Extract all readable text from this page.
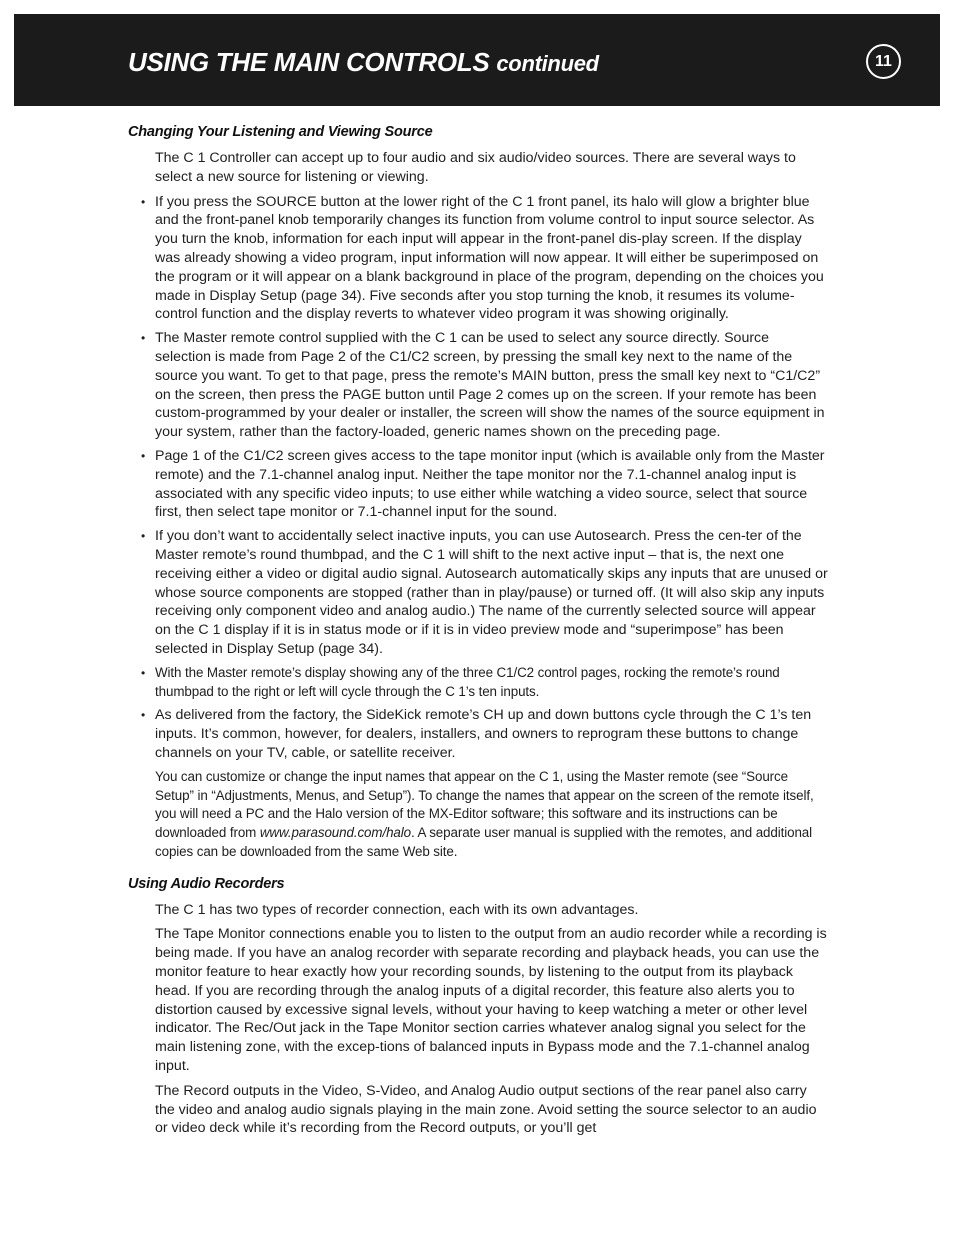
USING THE MAIN CONTROLS continued	11
Changing Your Listening and Viewing Source

The C 1 Controller can accept up to four audio and six audio/video sources. There are several ways to select a new source for listening or viewing.

• If you press the SOURCE button at the lower right of the C 1 front panel, its halo will glow a brighter blue and the front-panel knob temporarily changes its function from volume control to input source selector. As you turn the knob, information for each input will appear in the front-panel dis-play screen. If the display was already showing a video program, input information will now appear. It will either be superimposed on the program or it will appear on a blank background in place of the program, depending on the choices you made in Display Setup (page 34). Five seconds after you stop turning the knob, it resumes its volume-control function and the display reverts to whatever video program it was showing originally.
• The Master remote control supplied with the C 1 can be used to select any source directly. Source selection is made from Page 2 of the C1/C2 screen, by pressing the small key next to the name of the source you want. To get to that page, press the remote’s MAIN button, press the small key next to “C1/C2” on the screen, then press the PAGE button until Page 2 comes up on the screen. If your remote has been custom-programmed by your dealer or installer, the screen will show the names of the source equipment in your system, rather than the factory-loaded, generic names shown on the preceding page.
• Page 1 of the C1/C2 screen gives access to the tape monitor input (which is available only from the Master remote) and the 7.1-channel analog input. Neither the tape monitor nor the 7.1-channel analog input is associated with any specific video inputs; to use either while watching a video source, select that source first, then select tape monitor or 7.1-channel input for the sound.
• If you don’t want to accidentally select inactive inputs, you can use Autosearch. Press the cen-ter of the Master remote’s round thumbpad, and the C 1 will shift to the next active input – that is, the next one receiving either a video or digital audio signal. Autosearch automatically skips any inputs that are unused or whose source components are stopped (rather than in play/pause) or turned off. (It will also skip any inputs receiving only component video and analog audio.) The name of the currently selected source will appear on the C 1 display if it is in status mode or if it is in video preview mode and “superimpose” has been selected in Display Setup (page 34).
• With the Master remote’s display showing any of the three C1/C2 control pages, rocking the remote’s round thumbpad to the right or left will cycle through the C 1’s ten inputs.
• As delivered from the factory, the SideKick remote’s CH up and down buttons cycle through the C 1’s ten inputs. It’s common, however, for dealers, installers, and owners to reprogram these buttons to change channels on your TV, cable, or satellite receiver.

You can customize or change the input names that appear on the C 1, using the Master remote (see “Source Setup” in “Adjustments, Menus, and Setup”). To change the names that appear on the screen of the remote itself, you will need a PC and the Halo version of the MX-Editor software; this software and its instructions can be downloaded from www.parasound.com/halo. A separate user manual is supplied with the remotes, and additional copies can be downloaded from the same Web site.

Using Audio Recorders

The C 1 has two types of recorder connection, each with its own advantages.

The Tape Monitor connections enable you to listen to the output from an audio recorder while a recording is being made. If you have an analog recorder with separate recording and playback heads, you can use the monitor feature to hear exactly how your recording sounds, by listening to the output from its playback head. If you are recording through the analog inputs of a digital recorder, this feature also alerts you to distortion caused by excessive signal levels, without your having to keep watching a meter or other level indicator. The Rec/Out jack in the Tape Monitor section carries whatever analog signal you select for the main listening zone, with the excep-tions of balanced inputs in Bypass mode and the 7.1-channel analog input.

The Record outputs in the Video, S-Video, and Analog Audio output sections of the rear panel also carry the video and analog audio signals playing in the main zone. Avoid setting the source selector to an audio or video deck while it’s recording from the Record outputs, or you’ll get
